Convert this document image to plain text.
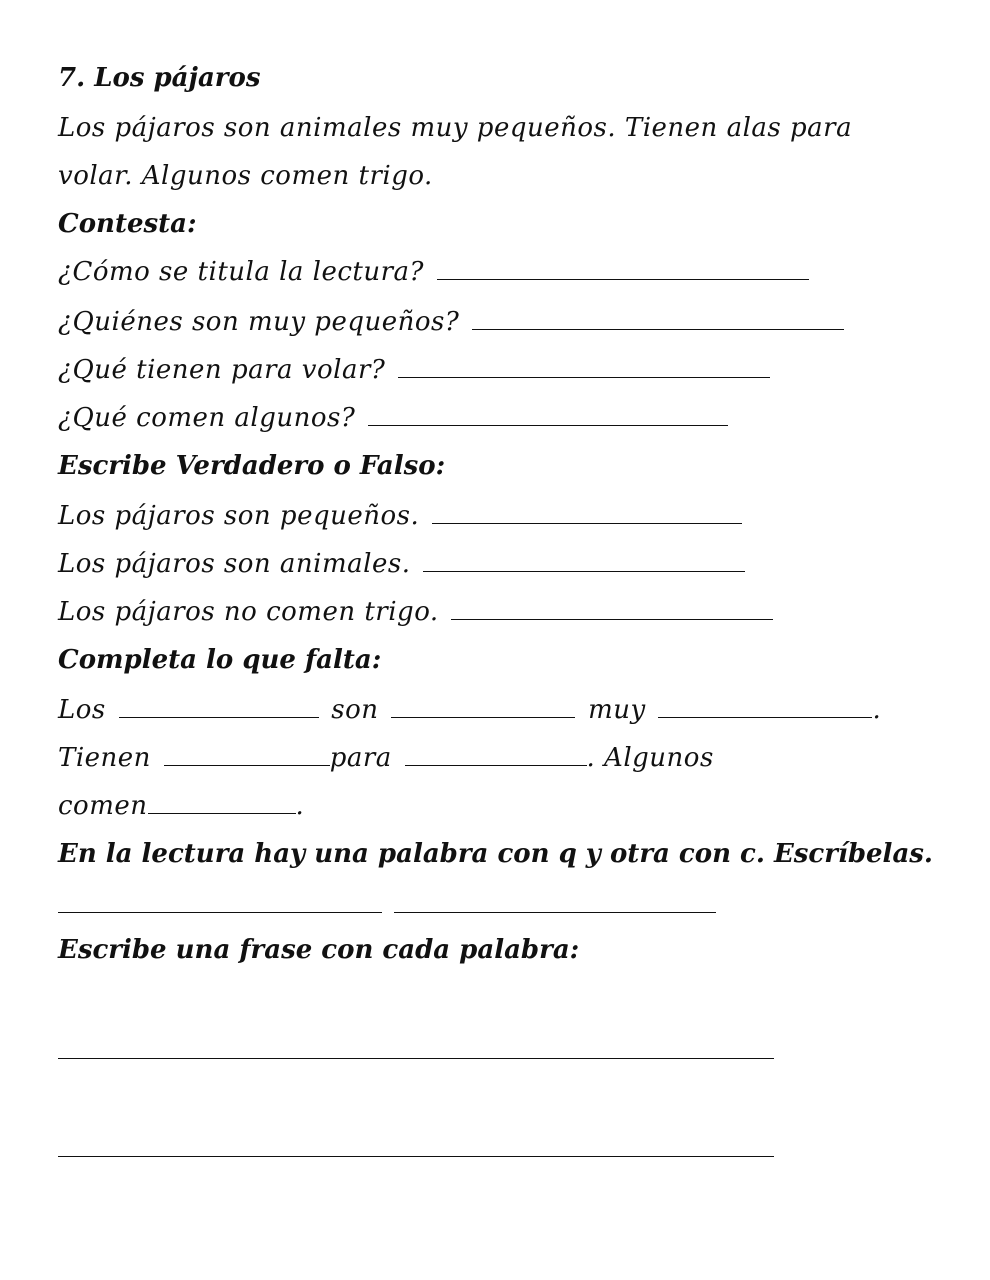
7. Los pájaros
Los pájaros son animales muy pequeños. Tienen alas para
volar. Algunos comen trigo.
Contesta:
¿Cómo se titula la lectura?
¿Quiénes son muy pequeños?
¿Qué tienen para volar?
¿Qué comen algunos?
Escribe Verdadero o Falso:
Los pájaros son pequeños.
Los pájaros son animales.
Los pájaros no comen trigo.
Completa lo que falta:
Los	son	muy	.
Tienen	para	. Algunos
comen	.
En la lectura hay una palabra con q y otra con c. Escríbelas.
Escribe una frase con cada palabra:
